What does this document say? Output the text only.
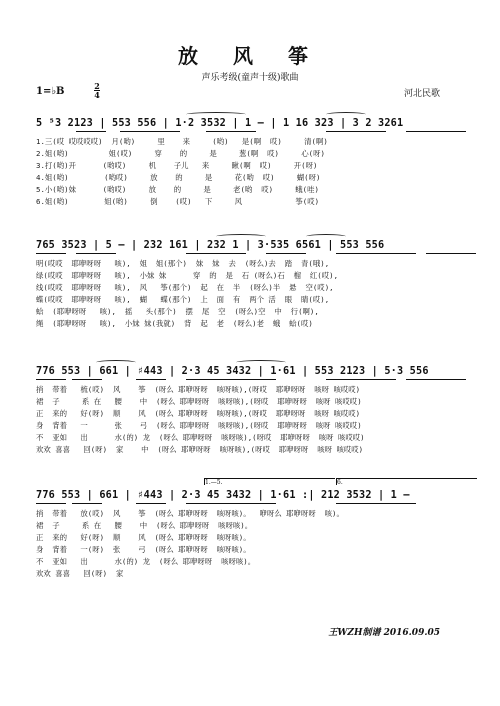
放 风 筝
声乐考级(童声十级)歌曲
1=♭B	2
4	河北民歌
5 ⁵3 2123 | 553 556 | 1·2 3532 | 1 — | 1 16 323 | 3 2 3261
1.三(哎 哎哎哎哎)  月(哟)     里    来     (哟)   是(啊  哎)     清(啊)
2.姐(哟)         姐(哎)     穿    的     是     葱(啊  哎)     心(呀)
3.打(哟)开      (哟哎)     机    子儿   来     瞅(啊  哎)     开(呀)
4.姐(哟)        (哟哎)     放    的     是     花(哟  哎)     蝴(呀)
5.小(哟)妹      (哟哎)     放    的     是     老(哟  哎)     蛾(哇)
6.姐(哟)        姐(哟)     倒    (哎)   下     风            筝(哎)
765 3523 | 5 — | 232 161 | 232 1 | 3·535 6561 | 553 556
明(哎哎  耶咿呀呀   咳),  姐  姐(那个)  妹  妹  去  (呀么)去  踏  青(哦),
绿(哎哎  耶咿呀呀   咳),  小妹 妹      穿  的  是  石 (呀么)石  榴  红(哎),
线(哎哎  耶咿呀呀   咳),  风   筝(那个)  起  在  半  (呀么)半  悬  空(哎),
蝶(哎哎  耶咿呀呀   咳),  蝴   蝶(那个)  上  面  有  两个 活  眼  睛(哎),
蛤  (耶咿呀呀   咳),  摇   头(那个)  摆  尾  空  (呀么)空  中  行(啊),
绳  (耶咿呀呀   咳),  小妹 妹(我就)  背  起  老  (呀么)老  蛾  蛤(哎)
776 553 | 661 | ♯443 | 2·3 45 3432 | 1·61 | 553 2123 | 5·3 556
捎  带着   梳(哎)  风    筝  (呀么 耶咿呀呀  咳呀咳),(呀哎  耶咿呀呀  咳呀 咳哎哎)
裙  子     系 在   腰    中  (呀么 耶咿呀呀  咳呀咳),(呀哎  耶咿呀呀  咳呀 咳哎哎)
正  来的   好(呀)  顺    风  (呀么 耶咿呀呀  咳呀咳),(呀哎  耶咿呀呀  咳呀 咳哎哎)
身  背着   一      张    弓  (呀么 耶咿呀呀  咳呀咳),(呀哎  耶咿呀呀  咳呀 咳哎哎)
不  亚如   出      水(的) 龙  (呀么 耶咿呀呀  咳呀咳),(呀哎  耶咿呀呀  咳呀 咳哎哎)
欢欢 喜喜   回(呀)  家    中  (呀么 耶咿呀呀  咳呀咳),(呀哎  耶咿呀呀  咳呀 咳哎哎)
1.—5.	6.
776 553 | 661 | ♯443 | 2·3 45 3432 | 1·61 :| 212 3532 | 1 —
捎  带着   放(哎)  风    筝  (呀么 耶咿呀呀  咳呀咳)。  咿呀么 耶咿呀呀  咳)。
裙  子     系 在   腰    中  (呀么 耶咿呀呀  咳呀咳)。
正  来的   好(呀)  顺    风  (呀么 耶咿呀呀  咳呀咳)。
身  背着   一(呀)  张    弓  (呀么 耶咿呀呀  咳呀咳)。
不  亚如   出      水(的) 龙  (呀么 耶咿呀呀  咳呀咳)。
欢欢 喜喜   回(呀)  家
王WZH制谱 2016.09.05
